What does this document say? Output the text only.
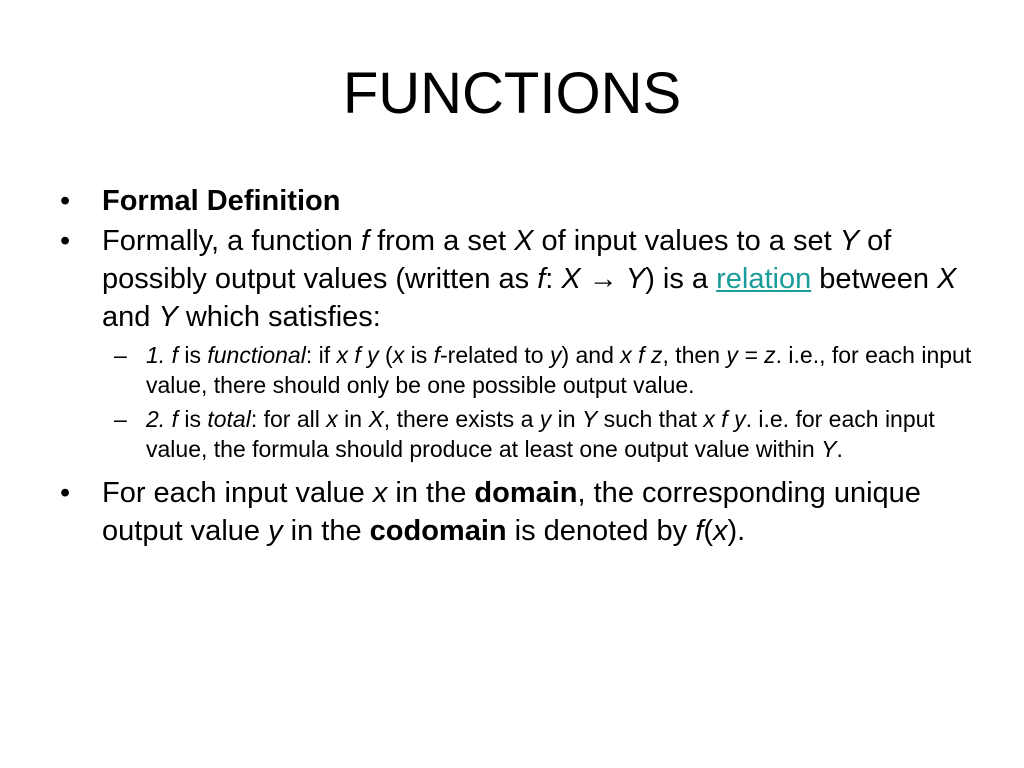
FUNCTIONS
• Formal Definition
• Formally, a function f from a set X of input values to a set Y of possibly output values (written as f: X → Y) is a relation between X and Y which satisfies:
– 1. f is functional: if x f y (x is f-related to y) and x f z, then y = z. i.e., for each input value, there should only be one possible output value.
– 2. f is total: for all x in X, there exists a y in Y such that x f y. i.e. for each input value, the formula should produce at least one output value within Y.
• For each input value x in the domain, the corresponding unique output value y in the codomain is denoted by f(x).
